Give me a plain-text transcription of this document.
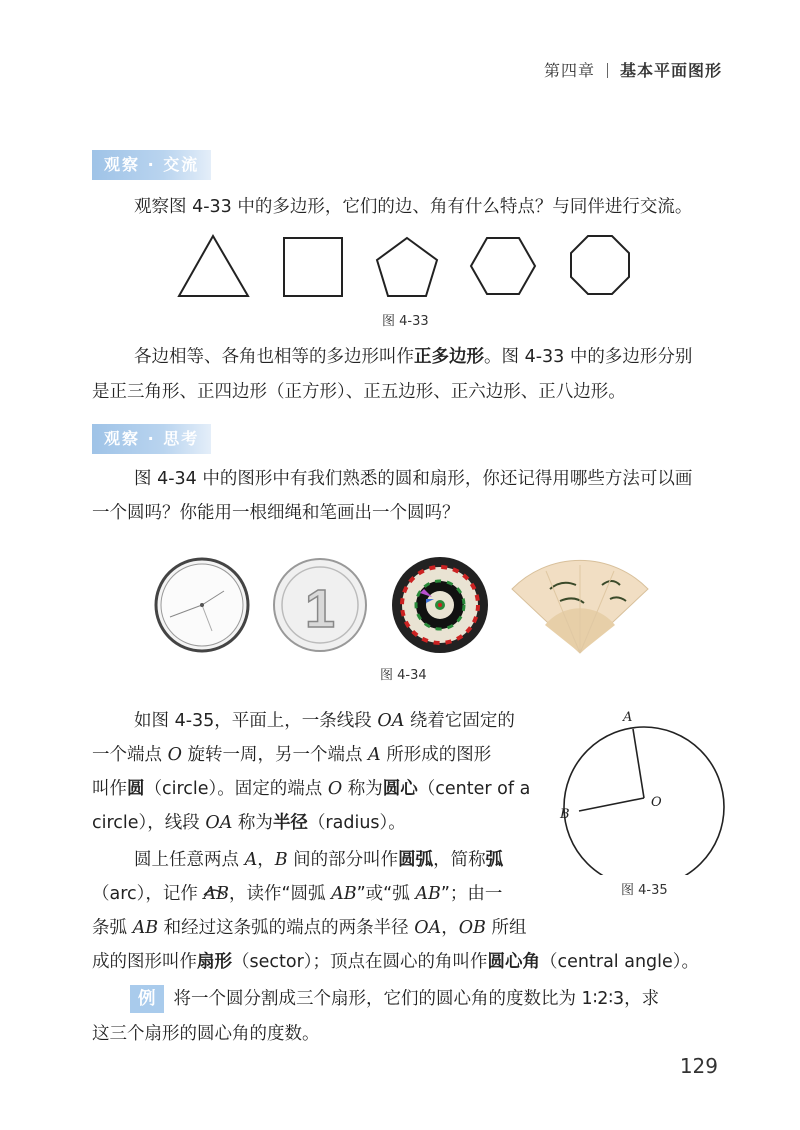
第四章 基本平面图形
观察 · 交流
观察图 4-33 中的多边形，它们的边、角有什么特点？与同伴进行交流。
图 4-33
各边相等、各角也相等的多边形叫作正多边形。图 4-33 中的多边形分别
是正三角形、正四边形（正方形）、正五边形、正六边形、正八边形。
观察 · 思考
图 4-34 中的图形中有我们熟悉的圆和扇形，你还记得用哪些方法可以画
一个圆吗？你能用一根细绳和笔画出一个圆吗？
1
图 4-34
如图 4-35，平面上，一条线段 OA 绕着它固定的
一个端点 O 旋转一周，另一个端点 A 所形成的图形
叫作圆（circle）。固定的端点 O 称为圆心（center of a
circle），线段 OA 称为半径（radius）。
圆上任意两点 A，B 间的部分叫作圆弧，简称弧
（arc），记作 AB
，读作“圆弧 AB”或“弧 AB”；由一
条弧 AB 和经过这条弧的端点的两条半径 OA，OB 所组
成的图形叫作扇形（sector）；顶点在圆心的角叫作圆心角（central angle）。
A
B
O
图 4-35
例 将一个圆分割成三个扇形，它们的圆心角的度数比为 1∶2∶3，求
这三个扇形的圆心角的度数。
129
